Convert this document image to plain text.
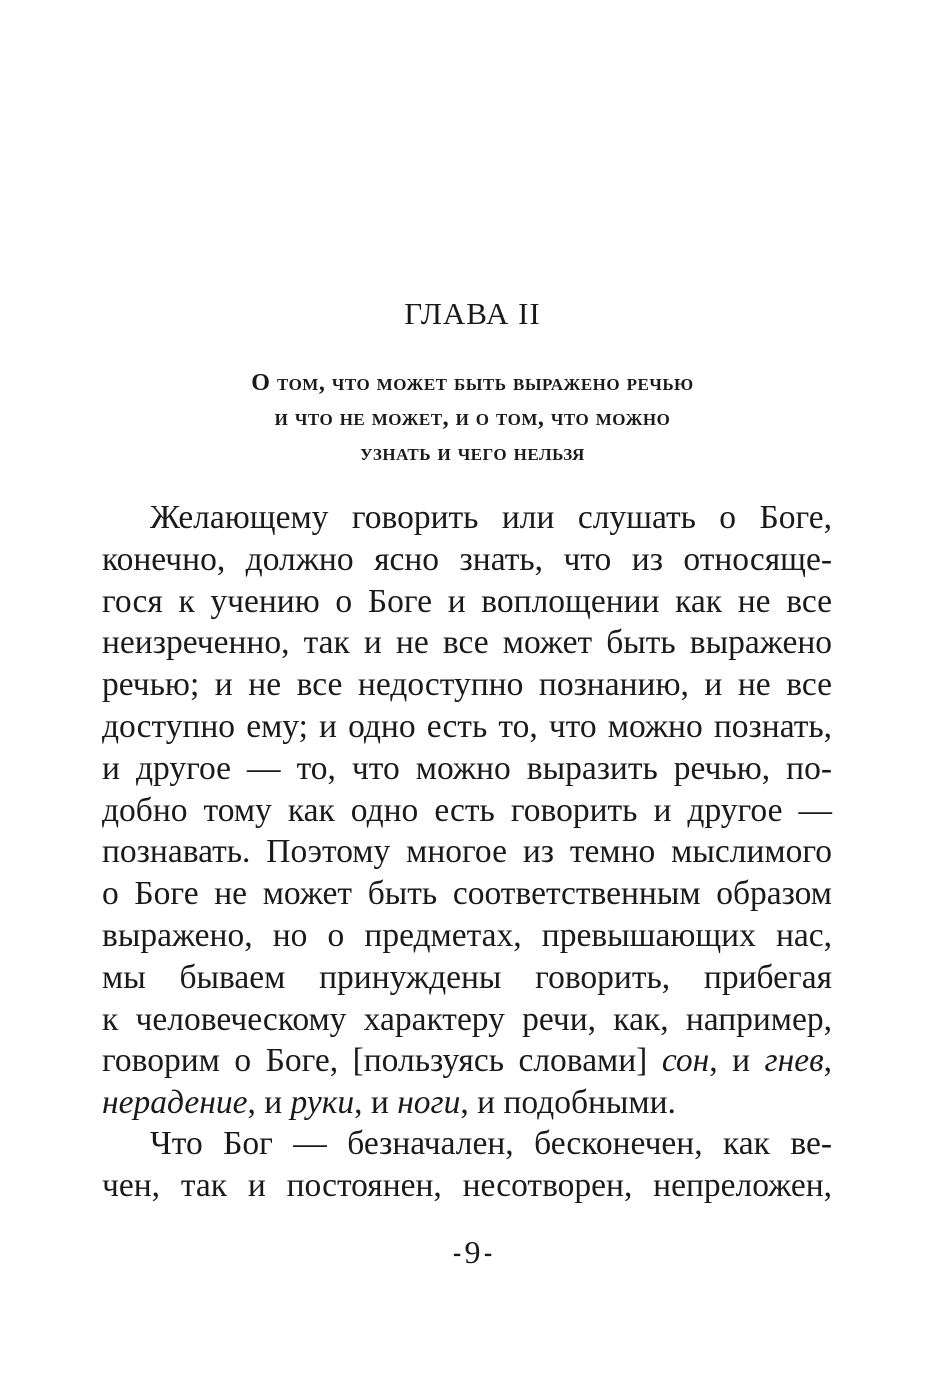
ГЛАВА II
О том, что может быть выражено речью
и что не может, и о том, что можно
узнать и чего нельзя
Желающему говорить или слушать о Боге,
конечно, должно ясно знать, что из относяще-
гося к учению о Боге и воплощении как не все
неизреченно, так и не все может быть выражено
речью; и не все недоступно познанию, и не все
доступно ему; и одно есть то, что можно познать,
и другое — то, что можно выразить речью, по-
добно тому как одно есть говорить и другое —
познавать. Поэтому многое из темно мыслимого
о Боге не может быть соответственным образом
выражено, но о предметах, превышающих нас,
мы бываем принуждены говорить, прибегая
к человеческому характеру речи, как, например,
говорим о Боге, [пользуясь словами] сон, и гнев,
нерадение, и руки, и ноги, и подобными.
Что Бог — безначален, бесконечен, как ве-
чен, так и постоянен, несотворен, непреложен,
⁃9⁃
